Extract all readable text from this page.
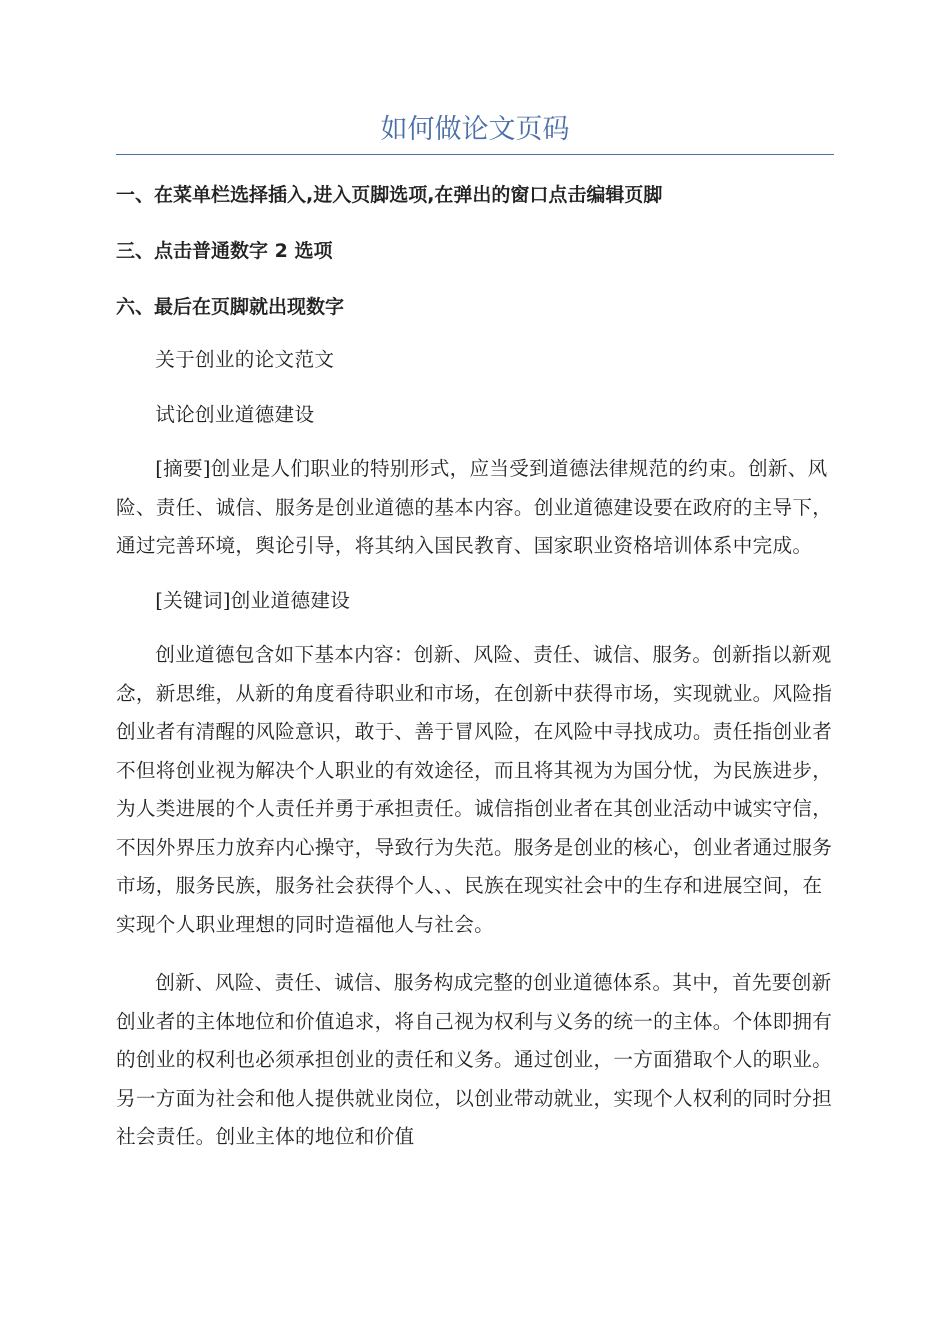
如何做论文页码

一、在菜单栏选择插入,进入页脚选项,在弹出的窗口点击编辑页脚

三、点击普通数字 2 选项

六、最后在页脚就出现数字

关于创业的论文范文

试论创业道德建设

[摘要]创业是人们职业的特别形式，应当受到道德法律规范的约束。创新、风险、责任、诚信、服务是创业道德的基本内容。创业道德建设要在政府的主导下，通过完善环境，舆论引导，将其纳入国民教育、国家职业资格培训体系中完成。

[关键词]创业道德建设

创业道德包含如下基本内容：创新、风险、责任、诚信、服务。创新指以新观念，新思维，从新的角度看待职业和市场，在创新中获得市场，实现就业。风险指创业者有清醒的风险意识，敢于、善于冒风险，在风险中寻找成功。责任指创业者不但将创业视为解决个人职业的有效途径，而且将其视为为国分忧，为民族进步，为人类进展的个人责任并勇于承担责任。诚信指创业者在其创业活动中诚实守信，不因外界压力放弃内心操守，导致行为失范。服务是创业的核心，创业者通过服务市场，服务民族，服务社会获得个人、、民族在现实社会中的生存和进展空间，在实现个人职业理想的同时造福他人与社会。

创新、风险、责任、诚信、服务构成完整的创业道德体系。其中，首先要创新创业者的主体地位和价值追求，将自己视为权利与义务的统一的主体。个体即拥有的创业的权利也必须承担创业的责任和义务。通过创业，一方面猎取个人的职业。另一方面为社会和他人提供就业岗位，以创业带动就业，实现个人权利的同时分担社会责任。创业主体的地位和价值
